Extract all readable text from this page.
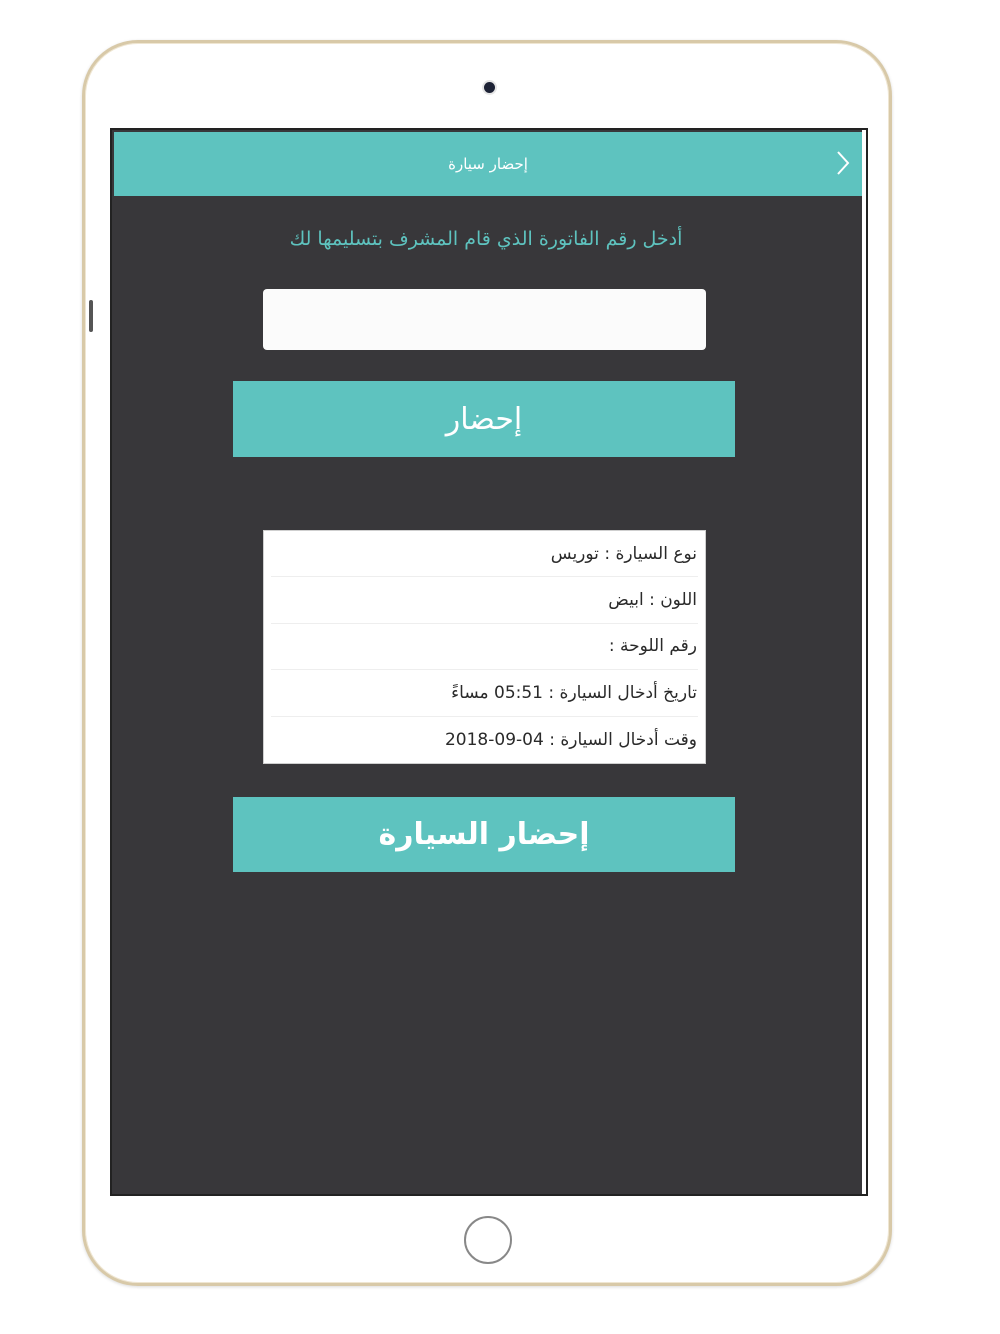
إحضار سيارة
أدخل رقم الفاتورة الذي قام المشرف بتسليمها لك
إحضار
نوع السيارة : توريس
اللون : ابيض
رقم اللوحة :
تاريخ أدخال السيارة : 05:51 مساءً
وقت أدخال السيارة : 04-09-2018
إحضار السيارة
